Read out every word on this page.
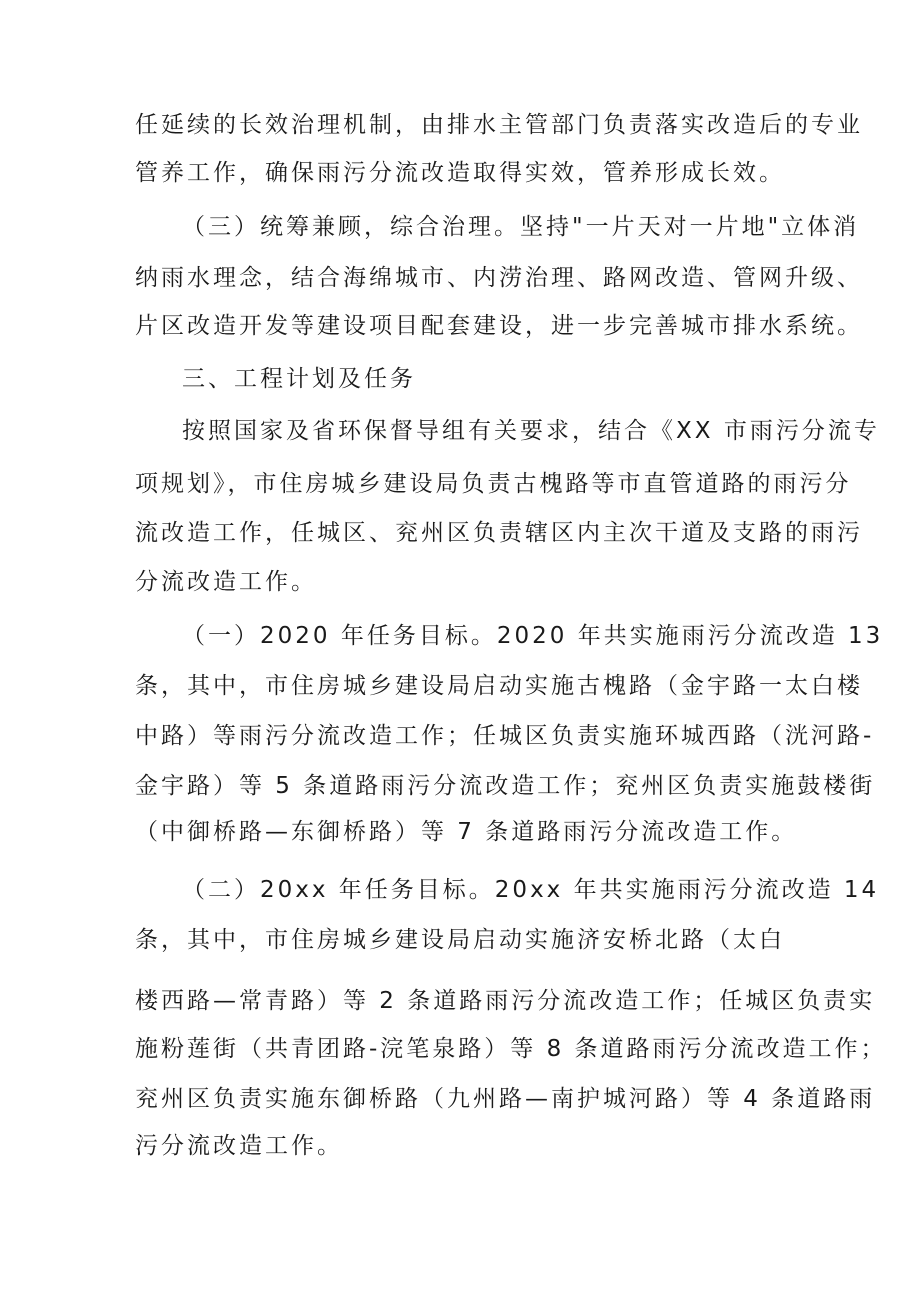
任延续的长效治理机制，由排水主管部门负责落实改造后的专业
管养工作，确保雨污分流改造取得实效，管养形成长效。
（三）统筹兼顾，综合治理。坚持"一片天对一片地"立体消
纳雨水理念，结合海绵城市、内涝治理、路网改造、管网升级、
片区改造开发等建设项目配套建设，进一步完善城市排水系统。
三、工程计划及任务
按照国家及省环保督导组有关要求，结合《XX 市雨污分流专
项规划》，市住房城乡建设局负责古槐路等市直管道路的雨污分
流改造工作，任城区、兖州区负责辖区内主次干道及支路的雨污
分流改造工作。
（一）2020 年任务目标。2020 年共实施雨污分流改造 13
条，其中，市住房城乡建设局启动实施古槐路（金宇路一太白楼
中路）等雨污分流改造工作；任城区负责实施环城西路（洸河路-
金宇路）等 5 条道路雨污分流改造工作；兖州区负责实施鼓楼街
（中御桥路—东御桥路）等 7 条道路雨污分流改造工作。
（二）20xx 年任务目标。20xx 年共实施雨污分流改造 14
条，其中，市住房城乡建设局启动实施济安桥北路（太白
楼西路—常青路）等 2 条道路雨污分流改造工作；任城区负责实
施粉莲街（共青团路-浣笔泉路）等 8 条道路雨污分流改造工作；
兖州区负责实施东御桥路（九州路—南护城河路）等 4 条道路雨
污分流改造工作。
